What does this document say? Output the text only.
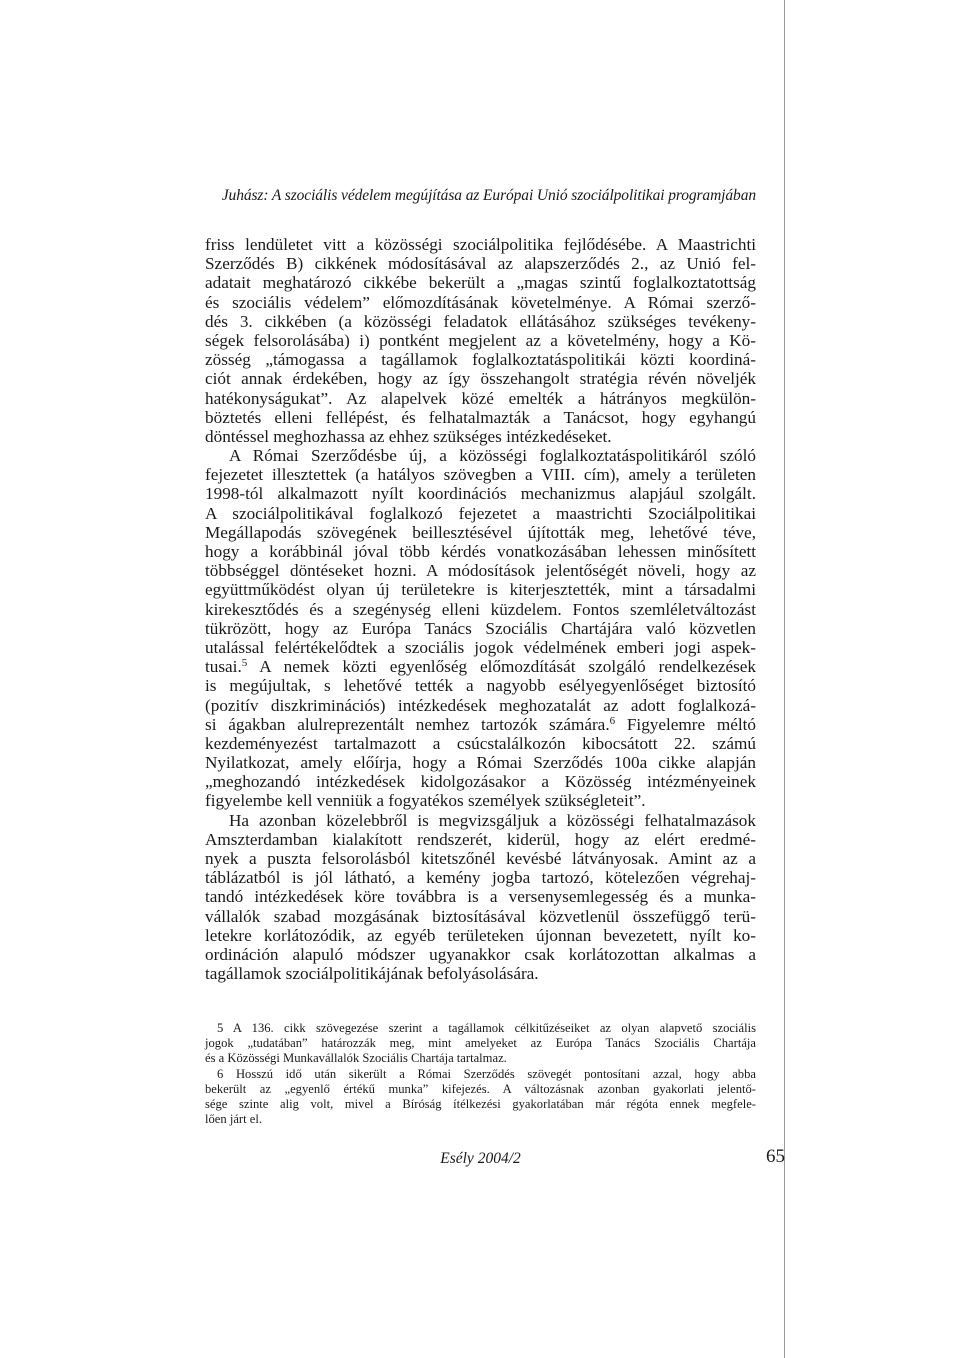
Juhász: A szociális védelem megújítása az Európai Unió szociálpolitikai programjában
friss lendületet vitt a közösségi szociálpolitika fejlődésébe. A Maastrichti
Szerződés B) cikkének módosításával az alapszerződés 2., az Unió fel-
adatait meghatározó cikkébe bekerült a „magas szintű foglalkoztatottság
és szociális védelem” előmozdításának követelménye. A Római szerző-
dés 3. cikkében (a közösségi feladatok ellátásához szükséges tevékeny-
ségek felsorolásába) i) pontként megjelent az a követelmény, hogy a Kö-
zösség „támogassa a tagállamok foglalkoztatáspolitikái közti koordiná-
ciót annak érdekében, hogy az így összehangolt stratégia révén növeljék
hatékonyságukat”. Az alapelvek közé emelték a hátrányos megkülön-
böztetés elleni fellépést, és felhatalmazták a Tanácsot, hogy egyhangú
döntéssel meghozhassa az ehhez szükséges intézkedéseket.
A Római Szerződésbe új, a közösségi foglalkoztatáspolitikáról szóló
fejezetet illesztettek (a hatályos szövegben a VIII. cím), amely a területen
1998-tól alkalmazott nyílt koordinációs mechanizmus alapjául szolgált.
A szociálpolitikával foglalkozó fejezetet a maastrichti Szociálpolitikai
Megállapodás szövegének beillesztésével újították meg, lehetővé téve,
hogy a korábbinál jóval több kérdés vonatkozásában lehessen minősített
többséggel döntéseket hozni. A módosítások jelentőségét növeli, hogy az
együttműködést olyan új területekre is kiterjesztették, mint a társadalmi
kirekesztődés és a szegénység elleni küzdelem. Fontos szemléletváltozást
tükrözött, hogy az Európa Tanács Szociális Chartájára való közvetlen
utalással felértékelődtek a szociális jogok védelmének emberi jogi aspek-
tusai.$^5$ A nemek közti egyenlőség előmozdítását szolgáló rendelkezések
is megújultak, s lehetővé tették a nagyobb esélyegyenlőséget biztosító
(pozitív diszkriminációs) intézkedések meghozatalát az adott foglalkozá-
si ágakban alulreprezentált nemhez tartozók számára.$^6$ Figyelemre méltó
kezdeményezést tartalmazott a csúcstalálkozón kibocsátott 22. számú
Nyilatkozat, amely előírja, hogy a Római Szerződés 100a cikke alapján
„meghozandó intézkedések kidolgozásakor a Közösség intézményeinek
figyelembe kell venniük a fogyatékos személyek szükségleteit”.
Ha azonban közelebbről is megvizsgáljuk a közösségi felhatalmazások
Amszterdamban kialakított rendszerét, kiderül, hogy az elért eredmé-
nyek a puszta felsorolásból kitetszőnél kevésbé látványosak. Amint az a
táblázatból is jól látható, a kemény jogba tartozó, kötelezően végrehaj-
tandó intézkedések köre továbbra is a versenysemlegesség és a munka-
vállalók szabad mozgásának biztosításával közvetlenül összefüggő terü-
letekre korlátozódik, az egyéb területeken újonnan bevezetett, nyílt ko-
ordináción alapuló módszer ugyanakkor csak korlátozottan alkalmas a
tagállamok szociálpolitikájának befolyásolására.
5 A 136. cikk szövegezése szerint a tagállamok célkitűzéseiket az olyan alapvető szociális
jogok „tudatában” határozzák meg, mint amelyeket az Európa Tanács Szociális Chartája
és a Közösségi Munkavállalók Szociális Chartája tartalmaz.
6 Hosszú idő után sikerült a Római Szerződés szövegét pontosítani azzal, hogy abba
bekerült az „egyenlő értékű munka” kifejezés. A változásnak azonban gyakorlati jelentő-
sége szinte alig volt, mivel a Bíróság ítélkezési gyakorlatában már régóta ennek megfele-
lően járt el.
Esély 2004/2	65
